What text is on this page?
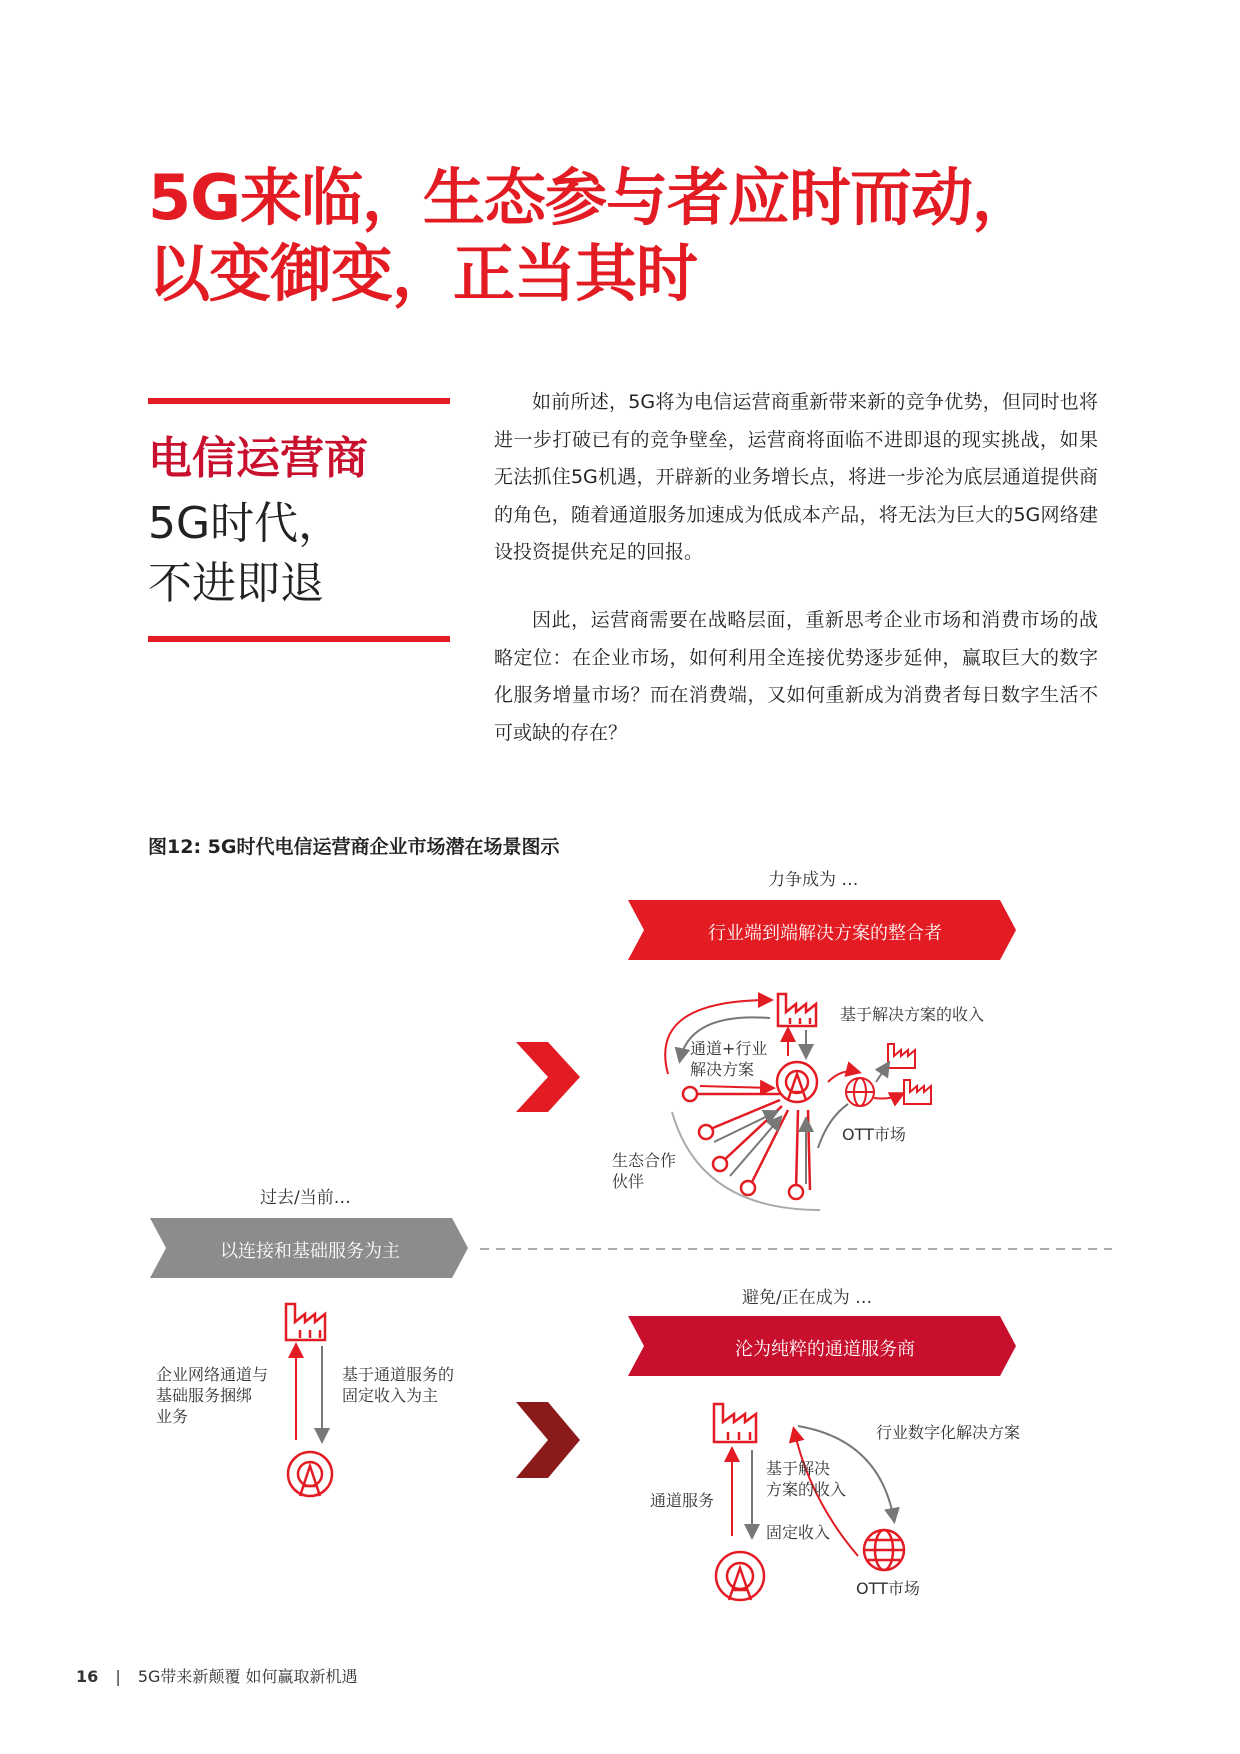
5G来临，生态参与者应时而动，
以变御变，正当其时
电信运营商
5G时代，
不进即退

如前所述，5G将为电信运营商重新带来新的竞争优势，但同时也将进一步打破已有的竞争壁垒，运营商将面临不进即退的现实挑战，如果无法抓住5G机遇，开辟新的业务增长点，将进一步沦为底层通道提供商的角色，随着通道服务加速成为低成本产品，将无法为巨大的5G网络建设投资提供充足的回报。

因此，运营商需要在战略层面，重新思考企业市场和消费市场的战略定位：在企业市场，如何利用全连接优势逐步延伸，赢取巨大的数字化服务增量市场？而在消费端，又如何重新成为消费者每日数字生活不可或缺的存在？

图12: 5G时代电信运营商企业市场潜在场景图示
力争成为 …
行业端到端解决方案的整合者
基于解决方案的收入
通道+行业
解决方案
OTT市场
生态合作
伙伴
过去/当前…
以连接和基础服务为主
企业网络通道与
基础服务捆绑
业务
基于通道服务的
固定收入为主
避免/正在成为 …
沦为纯粹的通道服务商
行业数字化解决方案
基于解决
方案的收入
通道服务
固定收入
OTT市场
16 | 5G带来新颠覆 如何赢取新机遇
